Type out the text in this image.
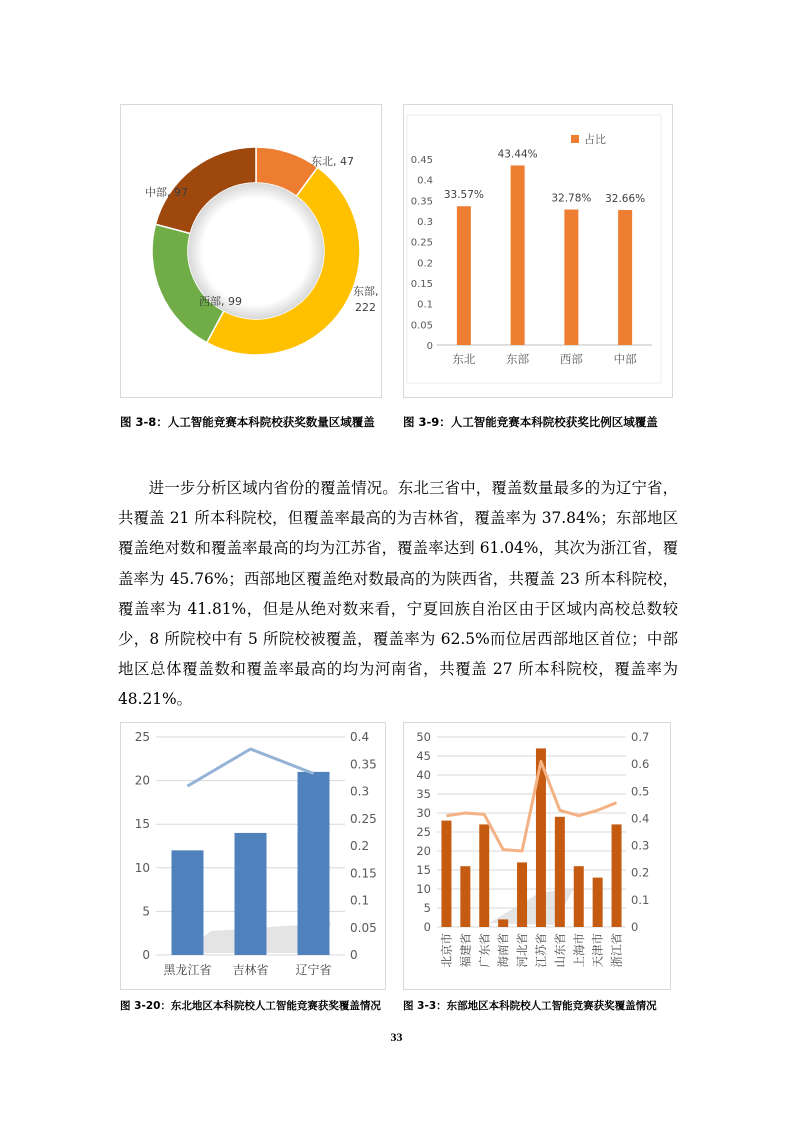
东北, 47
东部,
222
西部, 99
中部, 97
0
0.05
0.1
0.15
0.2
0.25
0.3
0.35
0.4
0.45
33.57%
东北
43.44%
东部
32.78%
西部
32.66%
中部
占比
图 3-8：人工智能竞赛本科院校获奖数量区域覆盖 图 3-9：人工智能竞赛本科院校获奖比例区域覆盖

进一步分析区域内省份的覆盖情况。东北三省中，覆盖数量最多的为辽宁省，共覆盖 21 所本科院校，但覆盖率最高的为吉林省，覆盖率为 37.84%；东部地区覆盖绝对数和覆盖率最高的均为江苏省，覆盖率达到 61.04%，其次为浙江省，覆盖率为 45.76%；西部地区覆盖绝对数最高的为陕西省，共覆盖 23 所本科院校，覆盖率为 41.81%，但是从绝对数来看，宁夏回族自治区由于区域内高校总数较少，8 所院校中有 5 所院校被覆盖，覆盖率为 62.5%而位居西部地区首位；中部地区总体覆盖数和覆盖率最高的均为河南省，共覆盖 27 所本科院校，覆盖率为 48.21%。

0
5
10
15
20
25
0
0.05
0.1
0.15
0.2
0.25
0.3
0.35
0.4
黑龙江省 吉林省 辽宁省
0
5
10
15
20
25
30
35
40
45
50
0
0.1
0.2
0.3
0.4
0.5
0.6
0.7
北京市 福建省 广东省 海南省 河北省 江苏省 山东省 上海市 天津市 浙江省
图 3-20：东北地区本科院校人工智能竞赛获奖覆盖情况 图 3-3：东部地区本科院校人工智能竞赛获奖覆盖情况
33
